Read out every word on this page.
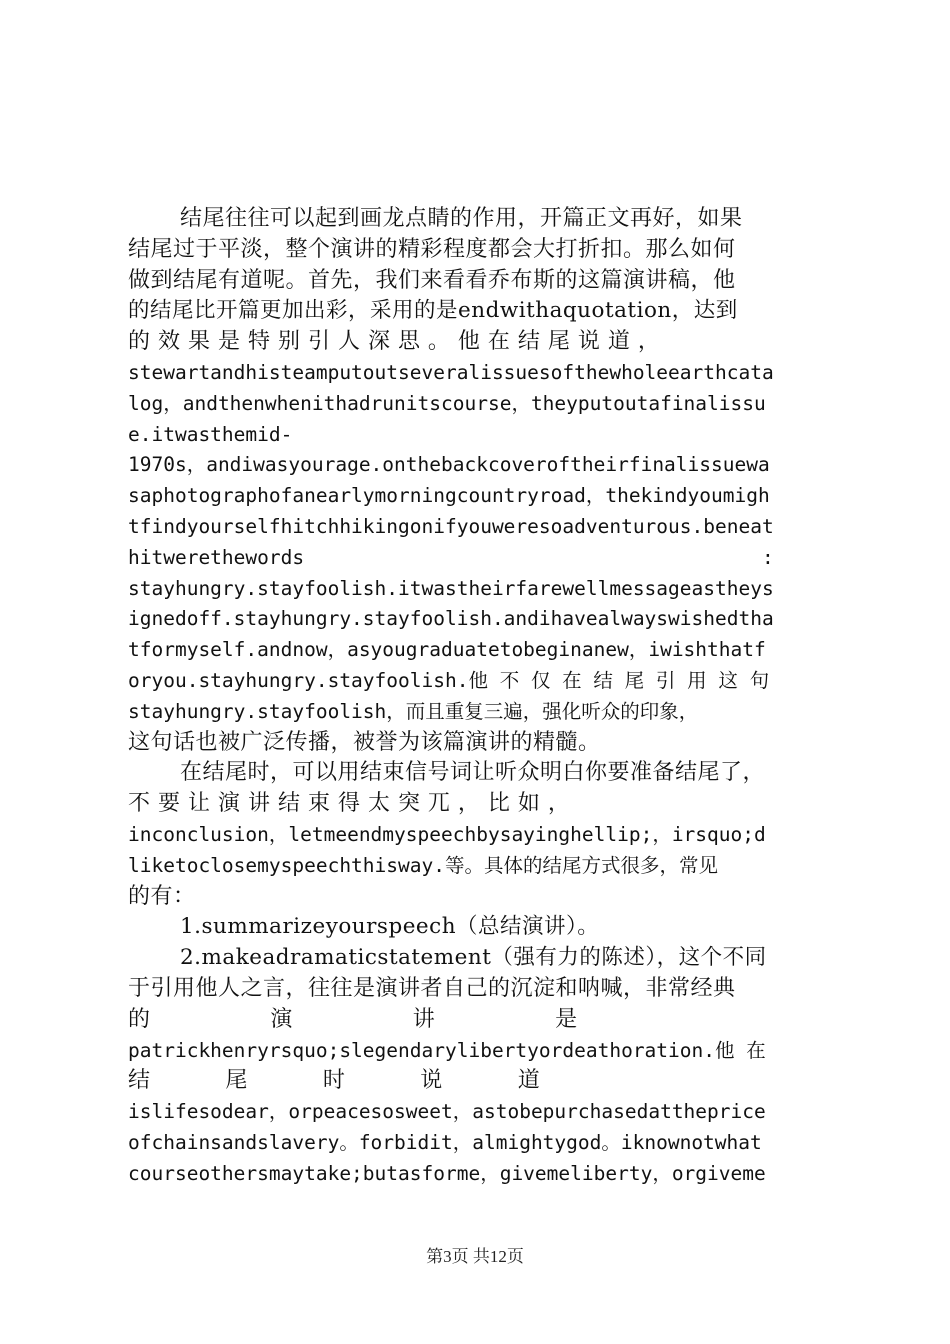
结尾往往可以起到画龙点睛的作用，开篇正文再好，如果
结尾过于平淡，整个演讲的精彩程度都会大打折扣。那么如何
做到结尾有道呢。首先，我们来看看乔布斯的这篇演讲稿，他
的结尾比开篇更加出彩，采用的是endwithaquotation，达到
的 效 果 是 特 别 引 人 深 思 。 他 在 结 尾 说 道 ，
stewartandhisteamputoutseveralissuesofthewholeearthcata
log，andthenwhenithadrunitscourse，theyputoutafinalissu
e.itwasthemid-
1970s，andiwasyourage.onthebackcoveroftheirfinalissuewa
saphotographofanearlymorningcountryroad，thekindyoumigh
tfindyourselfhitchhikingonifyouweresoadventurous.beneat
hitwerethewords                                       :
stayhungry.stayfoolish.itwastheirfarewellmessageastheys
ignedoff.stayhungry.stayfoolish.andihavealwayswishedtha
tformyself.andnow，asyougraduatetobeginanew，iwishthatf
oryou.stayhungry.stayfoolish.他 不 仅 在 结 尾 引 用 这 句
stayhungry.stayfoolish，而且重复三遍，强化听众的印象，
这句话也被广泛传播，被誉为该篇演讲的精髓。
在结尾时，可以用结束信号词让听众明白你要准备结尾了，
不 要 让 演 讲 结 束 得 太 突 兀 ， 比 如 ，
inconclusion，letmeendmyspeechbysayinghellip;，irsquo;d
liketoclosemyspeechthisway.等。具体的结尾方式很多，常见
的有：
1.summarizeyourspeech（总结演讲）。
2.makeadramaticstatement（强有力的陈述），这个不同
于引用他人之言，往往是演讲者自己的沉淀和呐喊，非常经典
的                演                讲                是
patrickhenryrsquo;slegendarylibertyordeathoration.他 在
结          尾          时          说          道
islifesodear，orpeacesosweet，astobepurchasedattheprice
ofchainsandslavery。forbidit，almightygod。iknownotwhat
courseothersmaytake;butasforme，givemeliberty，orgiveme
第3页 共12页
